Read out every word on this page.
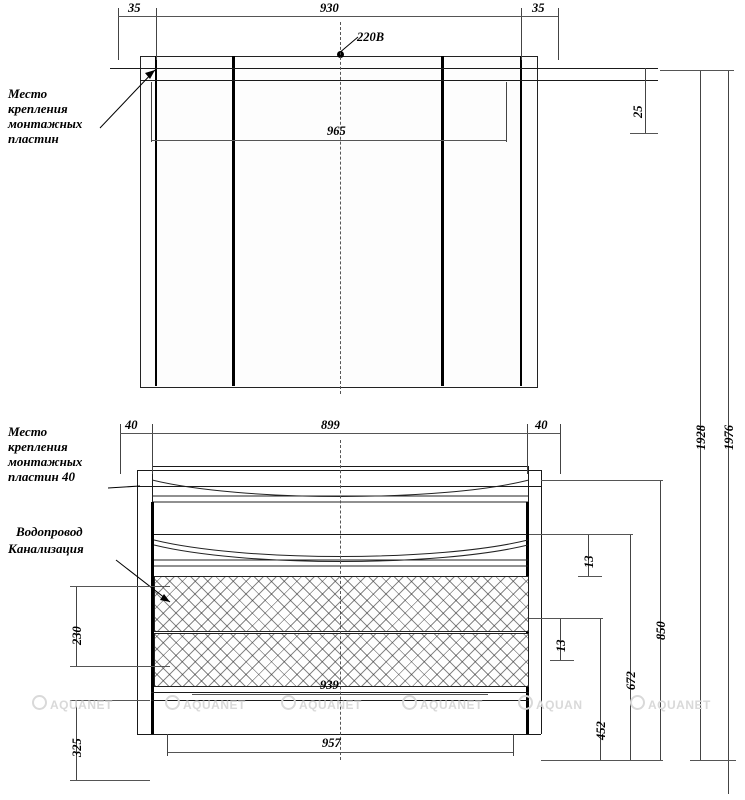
220В
35	930	35
965
25
Место
крепления
монтажных
пластин
40	899	40
Место
крепления
монтажных
пластин 40
Водопровод
Канализация
1976
1928
850
672
452
13
13
230
325
939
957
AQUANET	AQUANET	AQUANET	AQUANET	AQUAN	AQUANET
